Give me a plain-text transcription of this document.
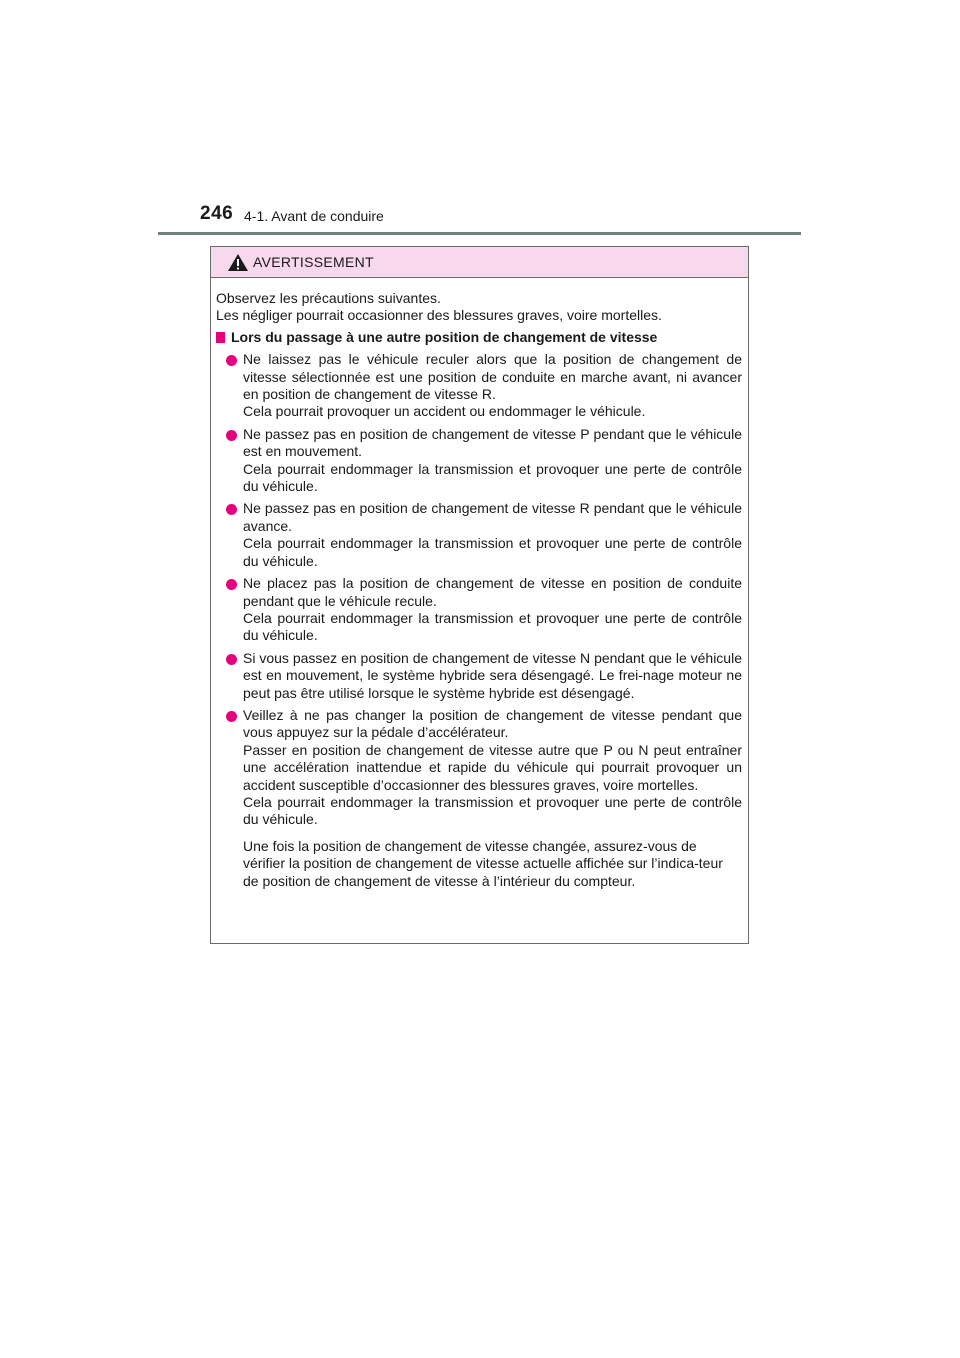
246 4-1. Avant de conduire
AVERTISSEMENT

Observez les précautions suivantes.
Les négliger pourrait occasionner des blessures graves, voire mortelles.

Lors du passage à une autre position de changement de vitesse

Ne laissez pas le véhicule reculer alors que la position de changement de vitesse sélectionnée est une position de conduite en marche avant, ni avancer en position de changement de vitesse R.

Cela pourrait provoquer un accident ou endommager le véhicule.

Ne passez pas en position de changement de vitesse P pendant que le véhicule est en mouvement.

Cela pourrait endommager la transmission et provoquer une perte de contrôle du véhicule.

Ne passez pas en position de changement de vitesse R pendant que le véhicule avance.

Cela pourrait endommager la transmission et provoquer une perte de contrôle du véhicule.

Ne placez pas la position de changement de vitesse en position de conduite pendant que le véhicule recule.

Cela pourrait endommager la transmission et provoquer une perte de contrôle du véhicule.

Si vous passez en position de changement de vitesse N pendant que le véhicule est en mouvement, le système hybride sera désengagé. Le frei-nage moteur ne peut pas être utilisé lorsque le système hybride est désengagé.

Veillez à ne pas changer la position de changement de vitesse pendant que vous appuyez sur la pédale d’accélérateur.

Passer en position de changement de vitesse autre que P ou N peut entraîner une accélération inattendue et rapide du véhicule qui pourrait provoquer un accident susceptible d’occasionner des blessures graves, voire mortelles.

Cela pourrait endommager la transmission et provoquer une perte de contrôle du véhicule.

Une fois la position de changement de vitesse changée, assurez-vous de vérifier la position de changement de vitesse actuelle affichée sur l’indica-teur de position de changement de vitesse à l’intérieur du compteur.
